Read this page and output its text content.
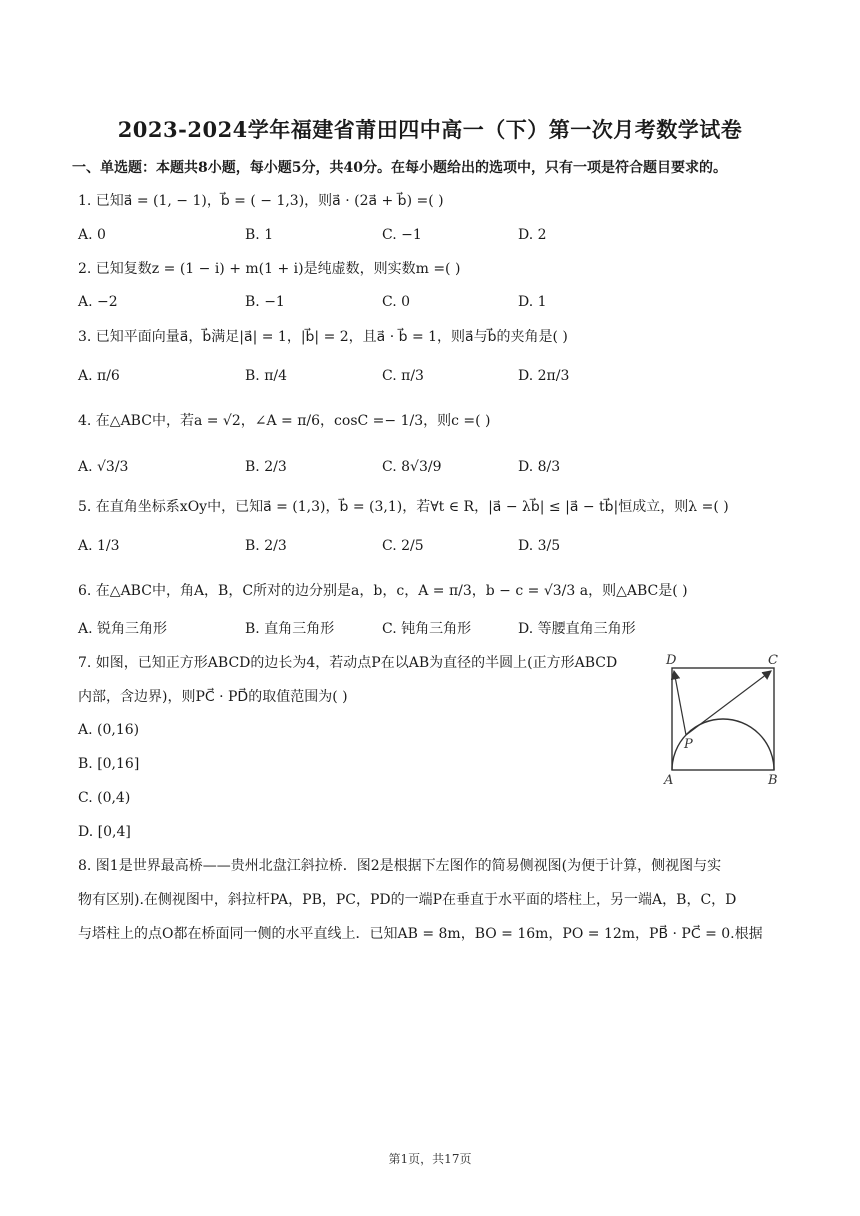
2023-2024学年福建省莆田四中高一（下）第一次月考数学试卷
一、单选题：本题共8小题，每小题5分，共40分。在每小题给出的选项中，只有一项是符合题目要求的。
1. 已知a⃗ = (1, − 1)，b⃗ = ( − 1,3)，则a⃗ · (2a⃗ + b⃗) =( )
A. 0	B. 1	C. −1	D. 2
2. 已知复数z = (1 − i) + m(1 + i)是纯虚数，则实数m =( )
A. −2	B. −1	C. 0	D. 1
3. 已知平面向量a⃗，b⃗满足|a⃗| = 1，|b⃗| = 2，且a⃗ · b⃗ = 1，则a⃗与b⃗的夹角是( )
A. π/6	B. π/4	C. π/3	D. 2π/3
4. 在△ABC中，若a = √2，∠A = π/6，cosC =− 1/3，则c =( )
A. √3/3	B. 2/3	C. 8√3/9	D. 8/3
5. 在直角坐标系xOy中，已知a⃗ = (1,3)，b⃗ = (3,1)，若∀t ∈ R，|a⃗ − λb⃗| ≤ |a⃗ − tb⃗|恒成立，则λ =( )
A. 1/3	B. 2/3	C. 2/5	D. 3/5
6. 在△ABC中，角A，B，C所对的边分别是a，b，c，A = π/3，b − c = √3/3 a，则△ABC是( )
A. 锐角三角形	B. 直角三角形	C. 钝角三角形	D. 等腰直角三角形
7. 如图，已知正方形ABCD的边长为4，若动点P在以AB为直径的半圆上(正方形ABCD
内部，含边界)，则PC⃗ · PD⃗的取值范围为( )
A. (0,16)
B. [0,16]
C. (0,4)
D. [0,4]
D	C
P
A	B
8. 图1是世界最高桥——贵州北盘江斜拉桥．图2是根据下左图作的简易侧视图(为便于计算，侧视图与实
物有区别).在侧视图中，斜拉杆PA，PB，PC，PD的一端P在垂直于水平面的塔柱上，另一端A，B，C，D
与塔柱上的点O都在桥面同一侧的水平直线上．已知AB = 8m，BO = 16m，PO = 12m，PB⃗ · PC⃗ = 0.根据
第1页，共17页
